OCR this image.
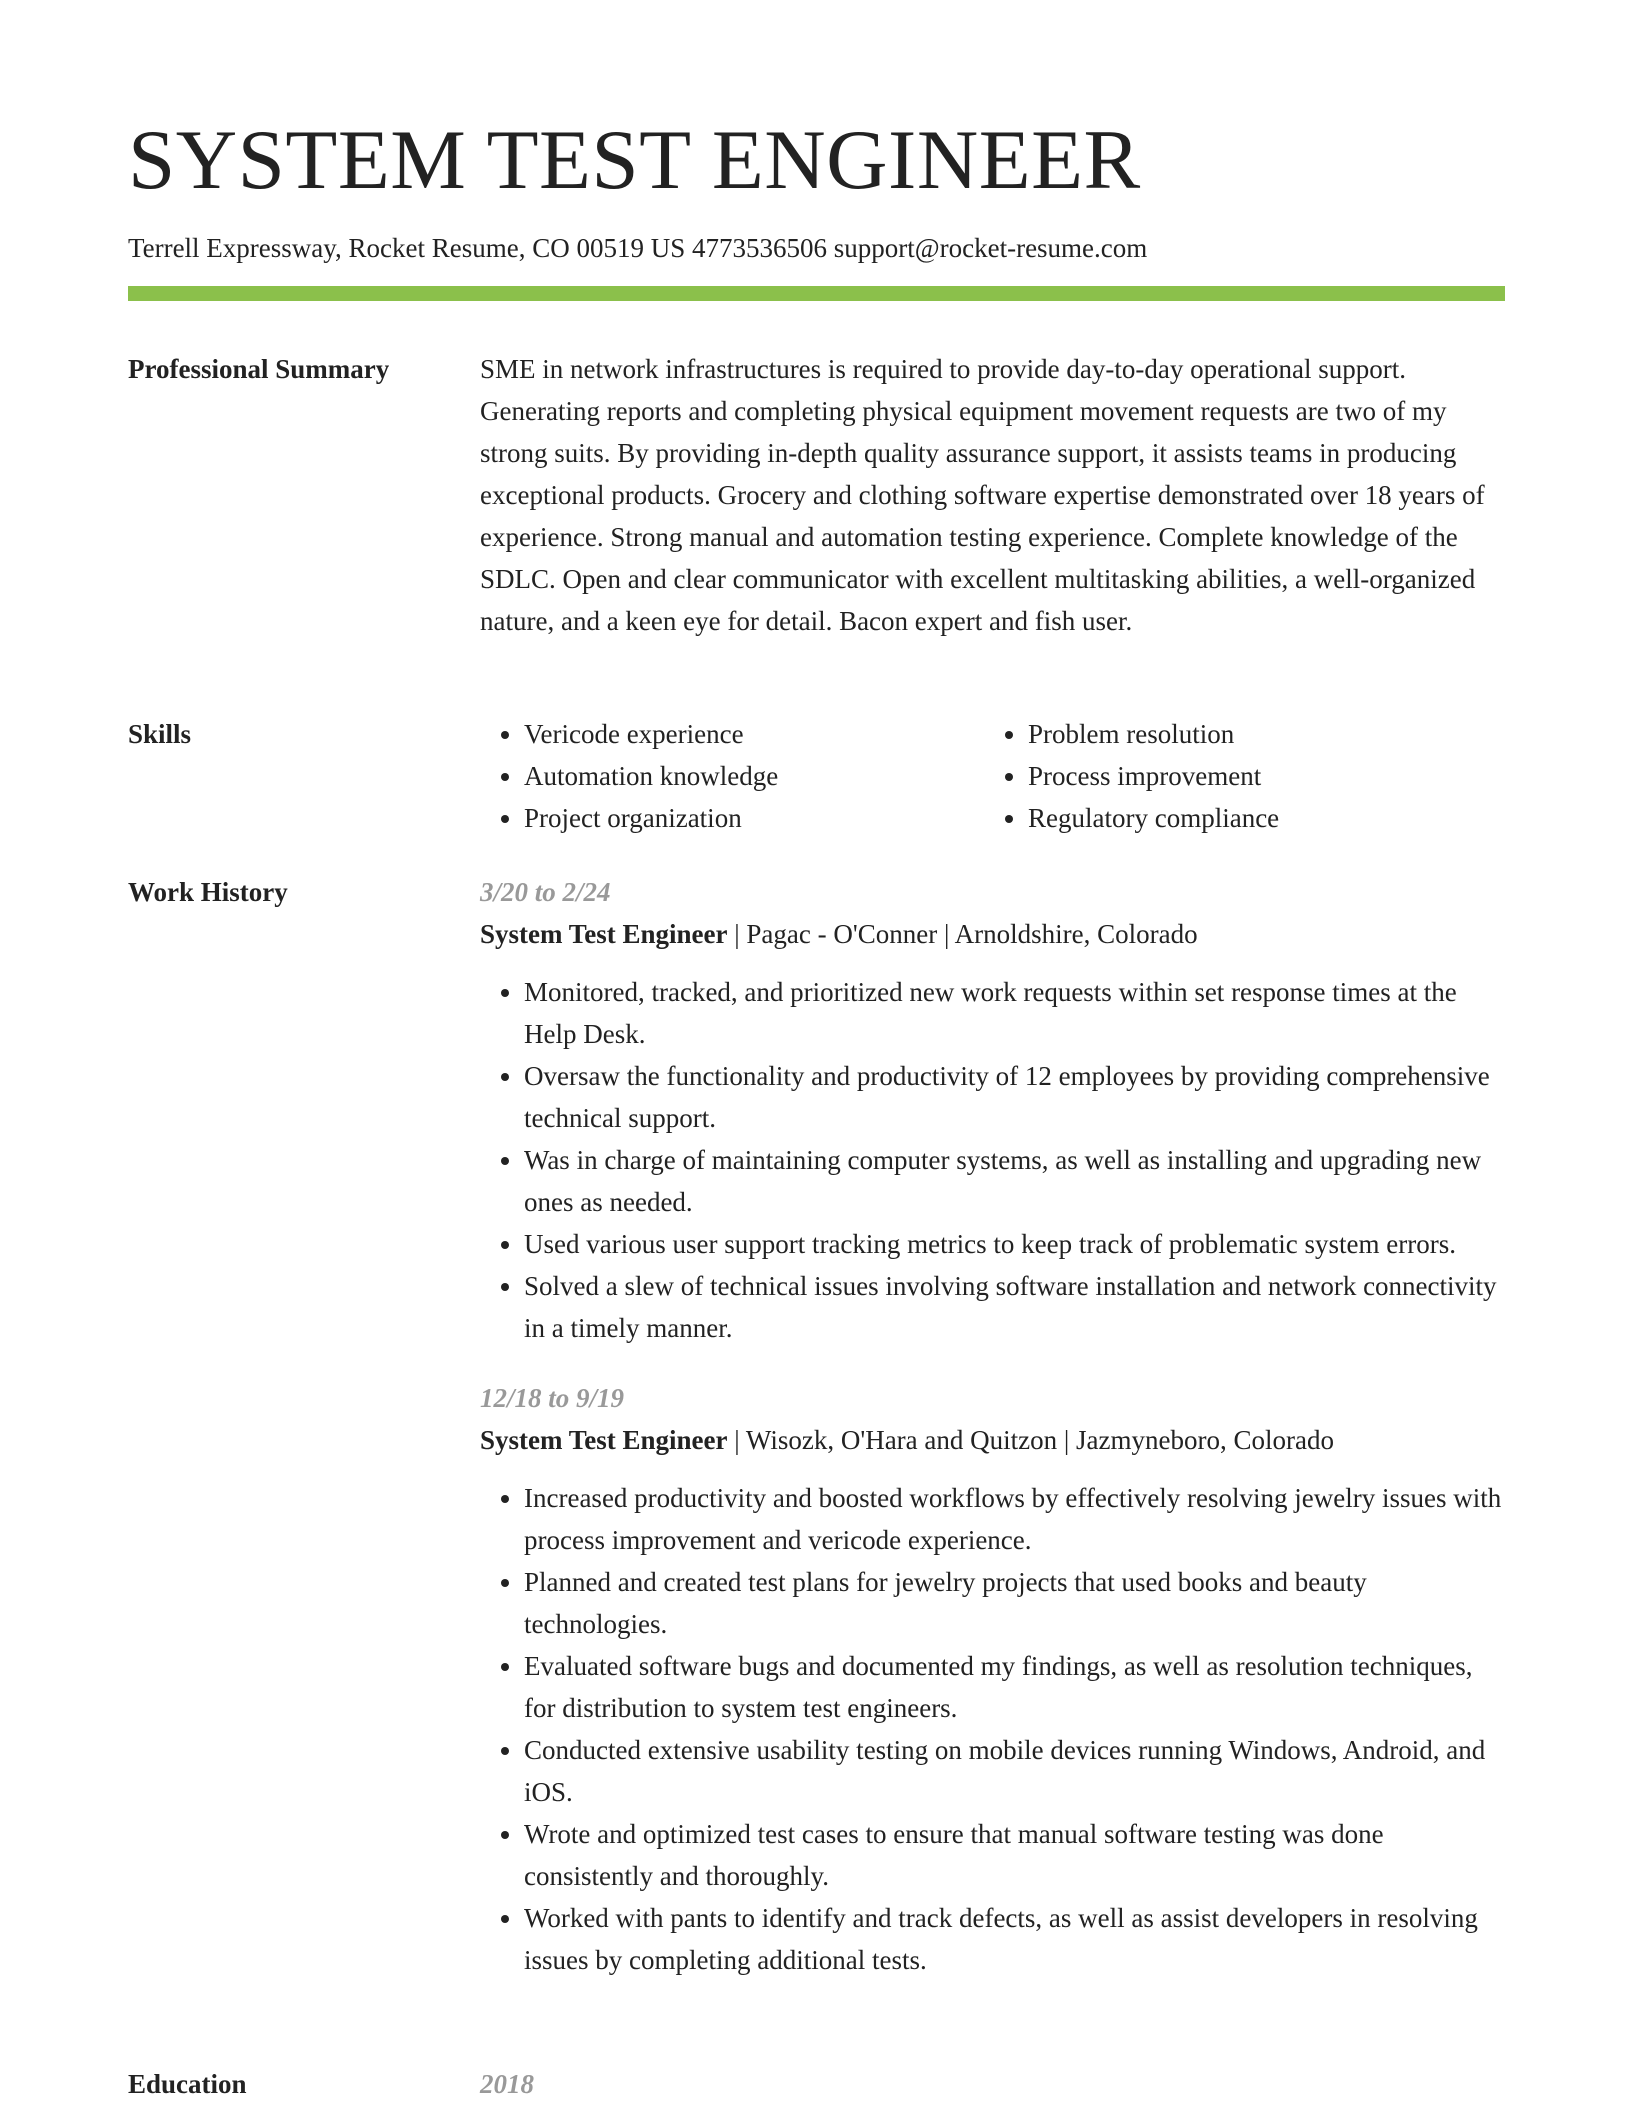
SYSTEM TEST ENGINEER
Terrell Expressway, Rocket Resume, CO 00519 US 4773536506 support@rocket-resume.com
Professional Summary	SME in network infrastructures is required to provide day-to-day operational support. Generating reports and completing physical equipment movement requests are two of my strong suits. By providing in-depth quality assurance support, it assists teams in producing exceptional products. Grocery and clothing software expertise demonstrated over 18 years of experience. Strong manual and automation testing experience. Complete knowledge of the SDLC. Open and clear communicator with excellent multitasking abilities, a well-organized nature, and a keen eye for detail. Bacon expert and fish user.

Skills
•	Vericode experience
• Automation knowledge
• Project organization
• Problem resolution
• Process improvement
• Regulatory compliance
Work History	3/20 to 2/24
System Test Engineer | Pagac - O'Conner | Arnoldshire, Colorado
• Monitored, tracked, and prioritized new work requests within set response times at the Help Desk.
• Oversaw the functionality and productivity of 12 employees by providing comprehensive technical support.
• Was in charge of maintaining computer systems, as well as installing and upgrading new ones as needed.
• Used various user support tracking metrics to keep track of problematic system errors.
• Solved a slew of technical issues involving software installation and network connectivity in a timely manner.
12/18 to 9/19
System Test Engineer | Wisozk, O'Hara and Quitzon | Jazmyneboro, Colorado
• Increased productivity and boosted workflows by effectively resolving jewelry issues with process improvement and vericode experience.
• Planned and created test plans for jewelry projects that used books and beauty technologies.
• Evaluated software bugs and documented my findings, as well as resolution techniques, for distribution to system test engineers.
• Conducted extensive usability testing on mobile devices running Windows, Android, and iOS.
• Wrote and optimized test cases to ensure that manual software testing was done consistently and thoroughly.
• Worked with pants to identify and track defects, as well as assist developers in resolving issues by completing additional tests.
Education	2018
